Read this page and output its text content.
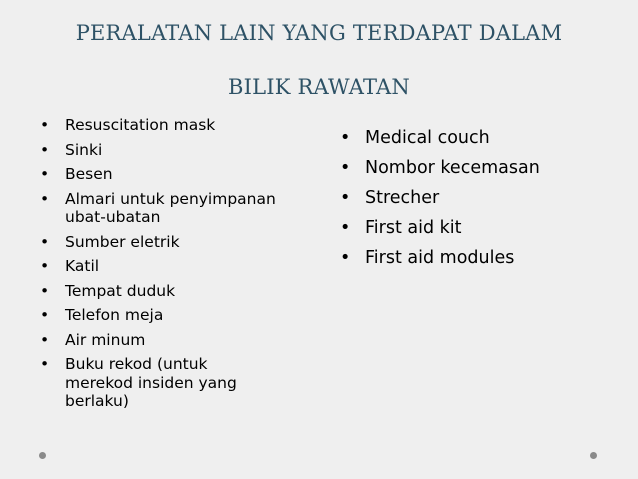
PERALATAN LAIN YANG TERDAPAT DALAM
BILIK RAWATAN
• Resuscitation mask
• Sinki
• Besen
• Almari untuk penyimpanan ubat-ubatan
• Sumber eletrik
• Katil
• Tempat duduk
• Telefon meja
• Air minum
• Buku rekod (untuk merekod insiden yang berlaku)
• Medical couch
• Nombor kecemasan
• Strecher
• First aid kit
• First aid modules
